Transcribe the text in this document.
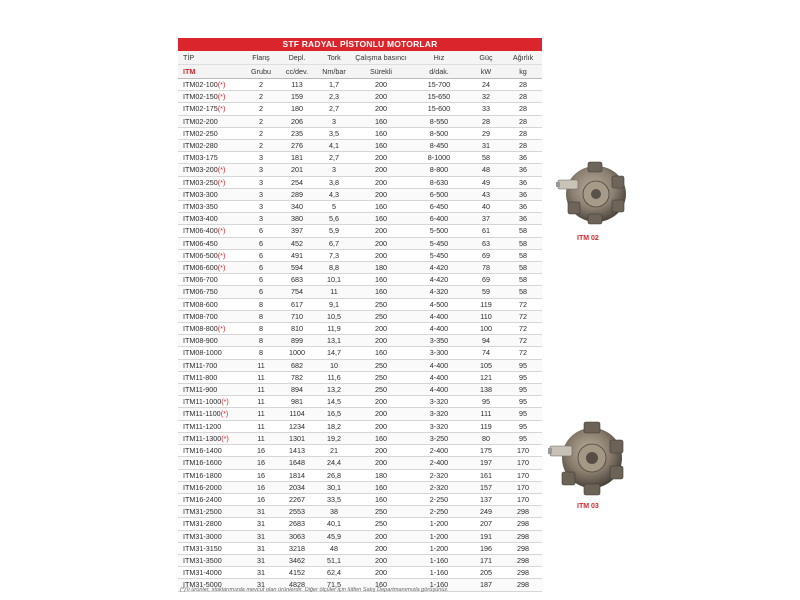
STF RADYAL PİSTONLU MOTORLAR
TİP	Flanş	Depl.	Tork	Çalışma basıncı	Hız	Güç	Ağırlık
ITM	Grubu	cc/dev.	Nm/bar	Sürekli	d/dak.	kW	kg
ITM02-100(*)	2	113	1,7	200	15-700	24	28
ITM02-150(*)	2	159	2,3	200	15-650	32	28
ITM02-175(*)	2	180	2,7	200	15-600	33	28
ITM02-200	2	206	3	160	8-550	28	28
ITM02-250	2	235	3,5	160	8-500	29	28
ITM02-280	2	276	4,1	160	8-450	31	28
ITM03-175	3	181	2,7	200	8-1000	58	36
ITM03-200(*)	3	201	3	200	8-800	48	36
ITM03-250(*)	3	254	3,8	200	8-630	49	36
ITM03-300	3	289	4,3	200	6-500	43	36
ITM03-350	3	340	5	160	6-450	40	36
ITM03-400	3	380	5,6	160	6-400	37	36
ITM06-400(*)	6	397	5,9	200	5-500	61	58
ITM06-450	6	452	6,7	200	5-450	63	58
ITM06-500(*)	6	491	7,3	200	5-450	69	58
ITM06-600(*)	6	594	8,8	180	4-420	78	58
ITM06-700	6	683	10,1	160	4-420	69	58
ITM06-750	6	754	11	160	4-320	59	58
ITM08-600	8	617	9,1	250	4-500	119	72
ITM08-700	8	710	10,5	250	4-400	110	72
ITM08-800(*)	8	810	11,9	200	4-400	100	72
ITM08-900	8	899	13,1	200	3-350	94	72
ITM08-1000	8	1000	14,7	160	3-300	74	72
ITM11-700	11	682	10	250	4-400	105	95
ITM11-800	11	782	11,6	250	4-400	121	95
ITM11-900	11	894	13,2	250	4-400	138	95
ITM11-1000(*)	11	981	14,5	200	3-320	95	95
ITM11-1100(*)	11	1104	16,5	200	3-320	111	95
ITM11-1200	11	1234	18,2	200	3-320	119	95
ITM11-1300(*)	11	1301	19,2	160	3-250	80	95
ITM16-1400	16	1413	21	200	2-400	175	170
ITM16-1600	16	1648	24,4	200	2-400	197	170
ITM16-1800	16	1814	26,8	180	2-320	161	170
ITM16-2000	16	2034	30,1	160	2-320	157	170
ITM16-2400	16	2267	33,5	160	2-250	137	170
ITM31-2500	31	2553	38	250	2-250	249	298
ITM31-2800	31	2683	40,1	250	1-200	207	298
ITM31-3000	31	3063	45,9	200	1-200	191	298
ITM31-3150	31	3218	48	200	1-200	196	298
ITM31-3500	31	3462	51,1	200	1-160	171	298
ITM31-4000	31	4152	62,4	200	1-160	205	298
ITM31-5000	31	4828	71,5	160	1-160	187	298
ITM 02
ITM 03
(*)'lı ürünler, stoklarımızda mevcut olan ürünlerdir. Diğer ölçüler için lütfen Satış Departmanımızla görüşünüz.
